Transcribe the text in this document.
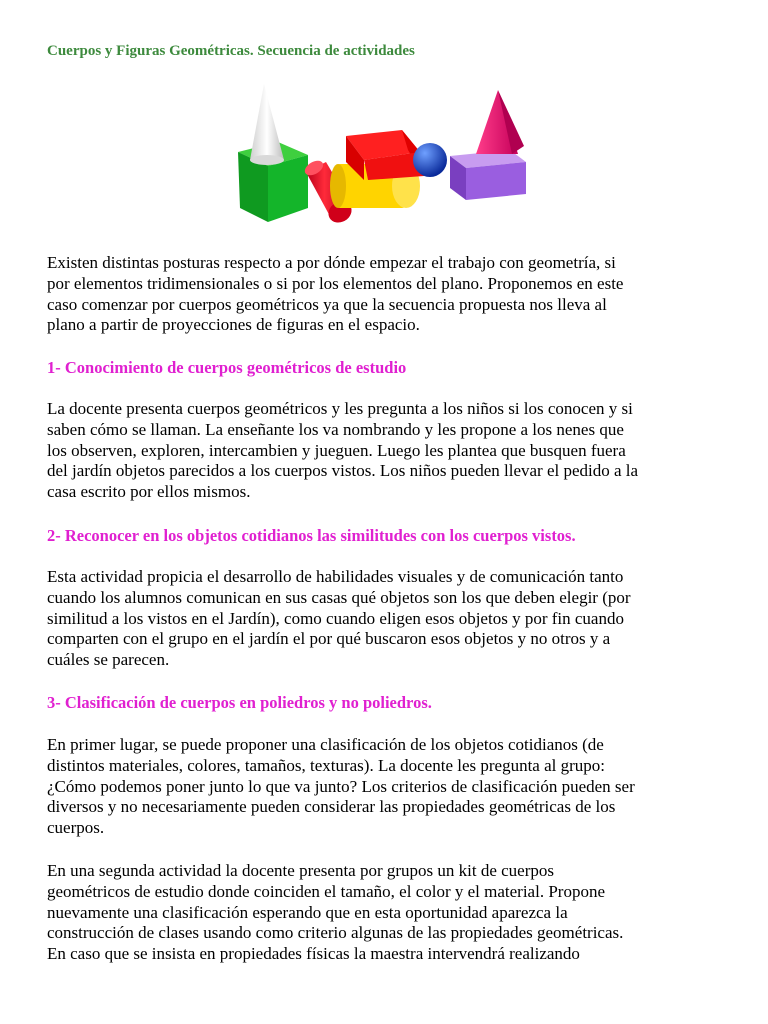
Cuerpos y Figuras Geométricas. Secuencia de actividades

Existen distintas posturas respecto a por dónde empezar el trabajo con geometría, si
por elementos tridimensionales o si por los elementos del plano. Proponemos en este
caso comenzar por cuerpos geométricos ya que la secuencia propuesta nos lleva al
plano a partir de proyecciones de figuras en el espacio.

1- Conocimiento de cuerpos geométricos de estudio

La docente presenta cuerpos geométricos y les pregunta a los niños si los conocen y si
saben cómo se llaman. La enseñante los va nombrando y les propone a los nenes que
los observen, exploren, intercambien y jueguen. Luego les plantea que busquen fuera
del jardín objetos parecidos a los cuerpos vistos. Los niños pueden llevar el pedido a la
casa escrito por ellos mismos.

2- Reconocer en los objetos cotidianos las similitudes con los cuerpos vistos.

Esta actividad propicia el desarrollo de habilidades visuales y de comunicación tanto
cuando los alumnos comunican en sus casas qué objetos son los que deben elegir (por
similitud a los vistos en el Jardín), como cuando eligen esos objetos y por fin cuando
comparten con el grupo en el jardín el por qué buscaron esos objetos y no otros y a
cuáles se parecen.

3- Clasificación de cuerpos en poliedros y no poliedros.

En primer lugar, se puede proponer una clasificación de los objetos cotidianos (de
distintos materiales, colores, tamaños, texturas). La docente les pregunta al grupo:
¿Cómo podemos poner junto lo que va junto? Los criterios de clasificación pueden ser
diversos y no necesariamente pueden considerar las propiedades geométricas de los
cuerpos.

En una segunda actividad la docente presenta por grupos un kit de cuerpos
geométricos de estudio donde coinciden el tamaño, el color y el material. Propone
nuevamente una clasificación esperando que en esta oportunidad aparezca la
construcción de clases usando como criterio algunas de las propiedades geométricas.
En caso que se insista en propiedades físicas la maestra intervendrá realizando
